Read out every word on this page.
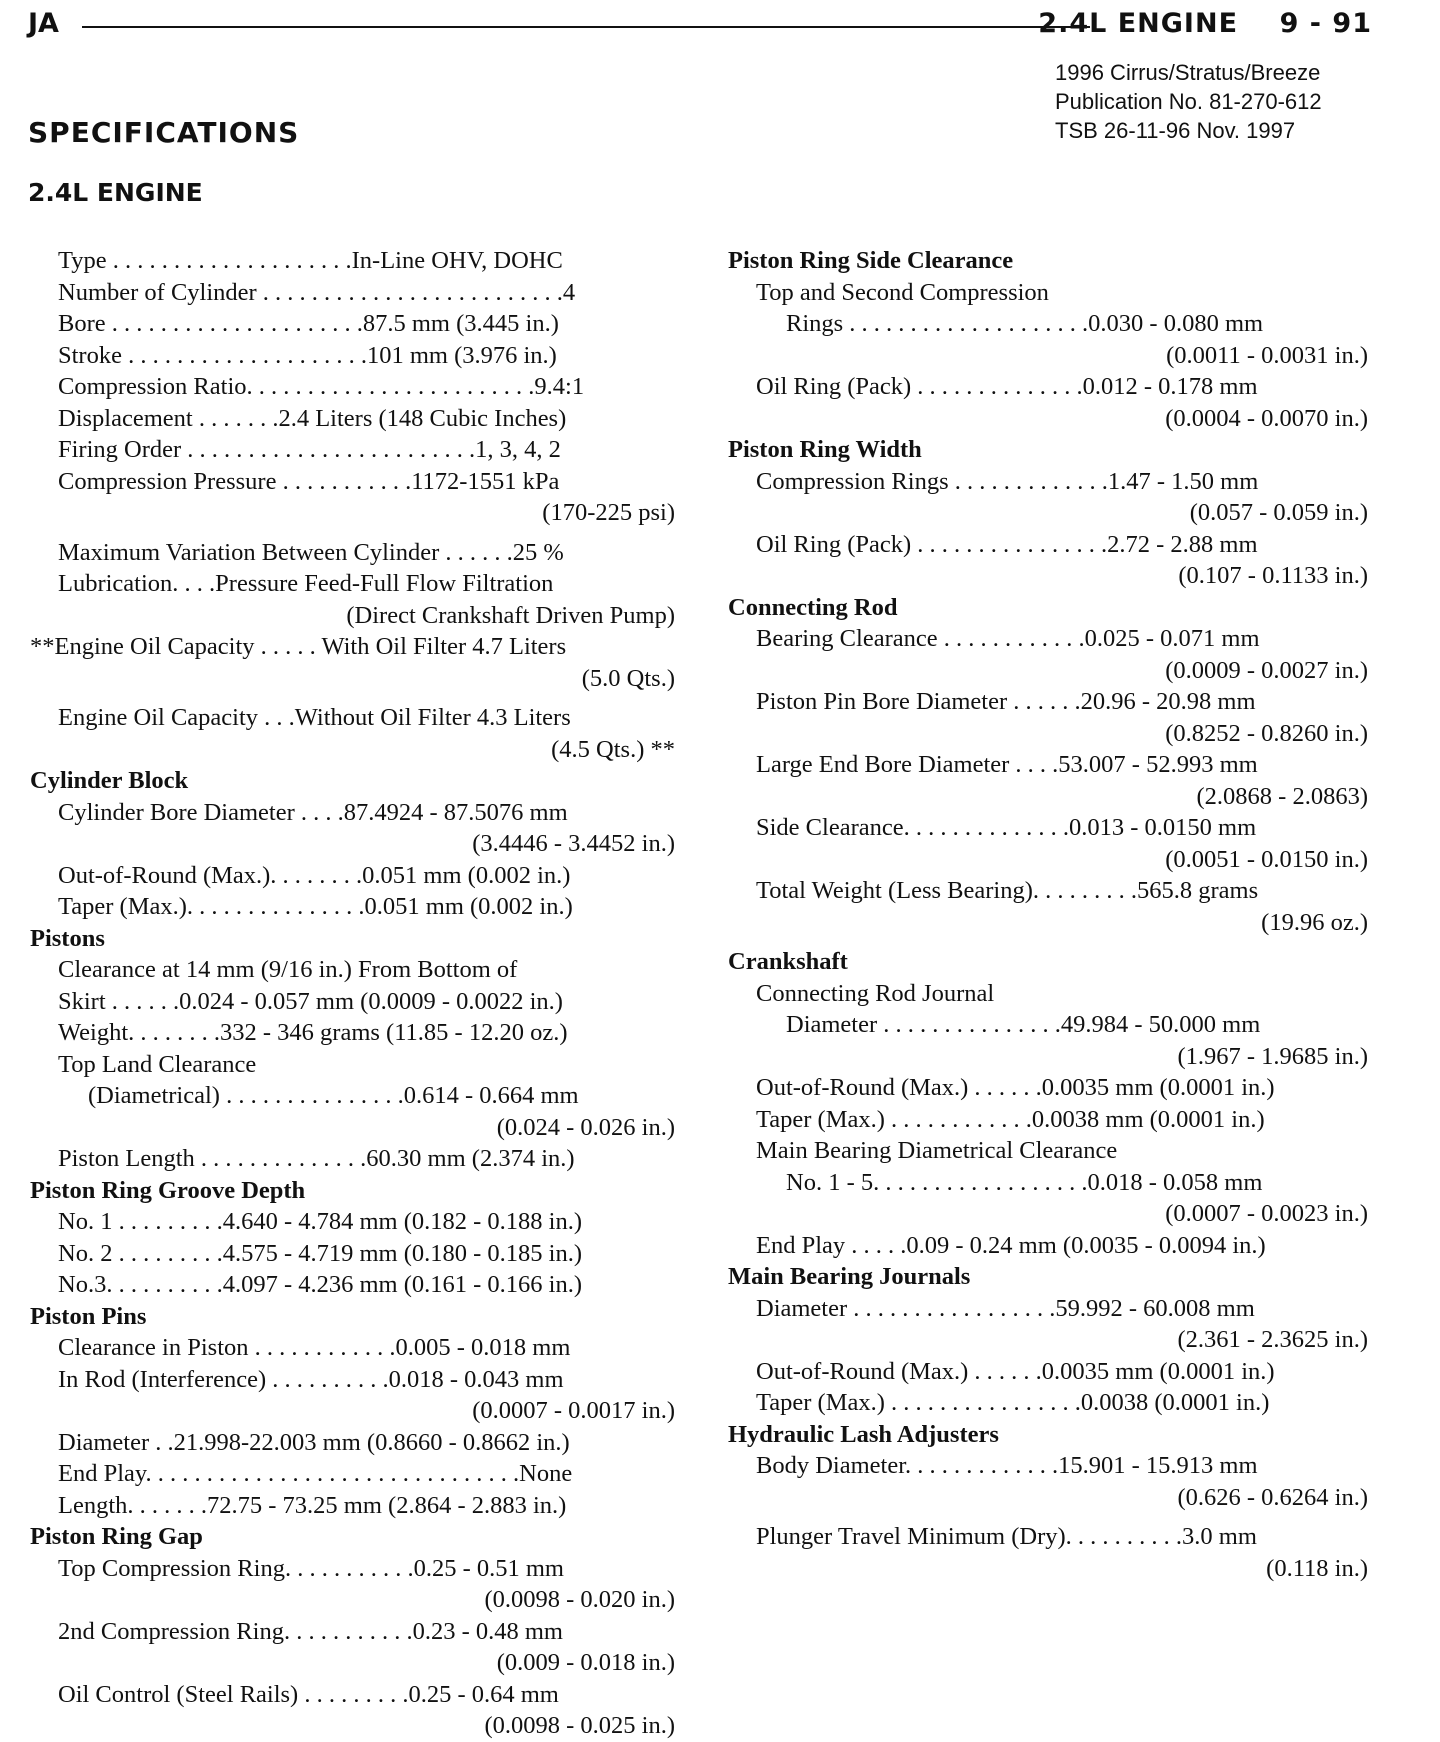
JA	2.4L ENGINE    9 - 91
1996 Cirrus/Stratus/Breeze
Publication No. 81-270-612
TSB 26-11-96 Nov. 1997
SPECIFICATIONS
2.4L ENGINE
Type . . . . . . . . . . . . . . . . . . . .In-Line OHV, DOHC
Number of Cylinder . . . . . . . . . . . . . . . . . . . . . . . . .4
Bore . . . . . . . . . . . . . . . . . . . . .87.5 mm (3.445 in.)
Stroke . . . . . . . . . . . . . . . . . . . .101 mm (3.976 in.)
Compression Ratio. . . . . . . . . . . . . . . . . . . . . . . .9.4:1
Displacement . . . . . . .2.4 Liters (148 Cubic Inches)
Firing Order . . . . . . . . . . . . . . . . . . . . . . . .1, 3, 4, 2
Compression Pressure . . . . . . . . . . .1172-1551 kPa
(170-225 psi)
Maximum Variation Between Cylinder . . . . . .25 %
Lubrication. . . .Pressure Feed-Full Flow Filtration
(Direct Crankshaft Driven Pump)
**Engine Oil Capacity . . . . . With Oil Filter 4.7 Liters
(5.0 Qts.)
Engine Oil Capacity . . .Without Oil Filter 4.3 Liters
(4.5 Qts.) **
Cylinder Block
Cylinder Bore Diameter . . . .87.4924 - 87.5076 mm
(3.4446 - 3.4452 in.)
Out-of-Round (Max.). . . . . . . .0.051 mm (0.002 in.)
Taper (Max.). . . . . . . . . . . . . . .0.051 mm (0.002 in.)
Pistons
Clearance at 14 mm (9/16 in.) From Bottom of
Skirt . . . . . .0.024 - 0.057 mm (0.0009 - 0.0022 in.)
Weight. . . . . . . .332 - 346 grams (11.85 - 12.20 oz.)
Top Land Clearance
(Diametrical) . . . . . . . . . . . . . . .0.614 - 0.664 mm
(0.024 - 0.026 in.)
Piston Length . . . . . . . . . . . . . .60.30 mm (2.374 in.)
Piston Ring Groove Depth
No. 1 . . . . . . . . .4.640 - 4.784 mm (0.182 - 0.188 in.)
No. 2 . . . . . . . . .4.575 - 4.719 mm (0.180 - 0.185 in.)
No.3. . . . . . . . . .4.097 - 4.236 mm (0.161 - 0.166 in.)
Piston Pins
Clearance in Piston . . . . . . . . . . . .0.005 - 0.018 mm
In Rod (Interference) . . . . . . . . . .0.018 - 0.043 mm
(0.0007 - 0.0017 in.)
Diameter . .21.998-22.003 mm (0.8660 - 0.8662 in.)
End Play. . . . . . . . . . . . . . . . . . . . . . . . . . . . . . .None
Length. . . . . . .72.75 - 73.25 mm (2.864 - 2.883 in.)
Piston Ring Gap
Top Compression Ring. . . . . . . . . . .0.25 - 0.51 mm
(0.0098 - 0.020 in.)
2nd Compression Ring. . . . . . . . . . .0.23 - 0.48 mm
(0.009 - 0.018 in.)
Oil Control (Steel Rails) . . . . . . . . .0.25 - 0.64 mm
(0.0098 - 0.025 in.)
Piston Ring Side Clearance
Top and Second Compression
Rings . . . . . . . . . . . . . . . . . . . .0.030 - 0.080 mm
(0.0011 - 0.0031 in.)
Oil Ring (Pack) . . . . . . . . . . . . . .0.012 - 0.178 mm
(0.0004 - 0.0070 in.)
Piston Ring Width
Compression Rings . . . . . . . . . . . . .1.47 - 1.50 mm
(0.057 - 0.059 in.)
Oil Ring (Pack) . . . . . . . . . . . . . . . .2.72 - 2.88 mm
(0.107 - 0.1133 in.)
Connecting Rod
Bearing Clearance . . . . . . . . . . . .0.025 - 0.071 mm
(0.0009 - 0.0027 in.)
Piston Pin Bore Diameter . . . . . .20.96 - 20.98 mm
(0.8252 - 0.8260 in.)
Large End Bore Diameter . . . .53.007 - 52.993 mm
(2.0868 - 2.0863)
Side Clearance. . . . . . . . . . . . . .0.013 - 0.0150 mm
(0.0051 - 0.0150 in.)
Total Weight (Less Bearing). . . . . . . . .565.8 grams
(19.96 oz.)
Crankshaft
Connecting Rod Journal
Diameter . . . . . . . . . . . . . . .49.984 - 50.000 mm
(1.967 - 1.9685 in.)
Out-of-Round (Max.) . . . . . .0.0035 mm (0.0001 in.)
Taper (Max.) . . . . . . . . . . . .0.0038 mm (0.0001 in.)
Main Bearing Diametrical Clearance
No. 1 - 5. . . . . . . . . . . . . . . . . .0.018 - 0.058 mm
(0.0007 - 0.0023 in.)
End Play . . . . .0.09 - 0.24 mm (0.0035 - 0.0094 in.)
Main Bearing Journals
Diameter . . . . . . . . . . . . . . . . .59.992 - 60.008 mm
(2.361 - 2.3625 in.)
Out-of-Round (Max.) . . . . . .0.0035 mm (0.0001 in.)
Taper (Max.) . . . . . . . . . . . . . . . .0.0038 (0.0001 in.)
Hydraulic Lash Adjusters
Body Diameter. . . . . . . . . . . . .15.901 - 15.913 mm
(0.626 - 0.6264 in.)
Plunger Travel Minimum (Dry). . . . . . . . . .3.0 mm
(0.118 in.)
